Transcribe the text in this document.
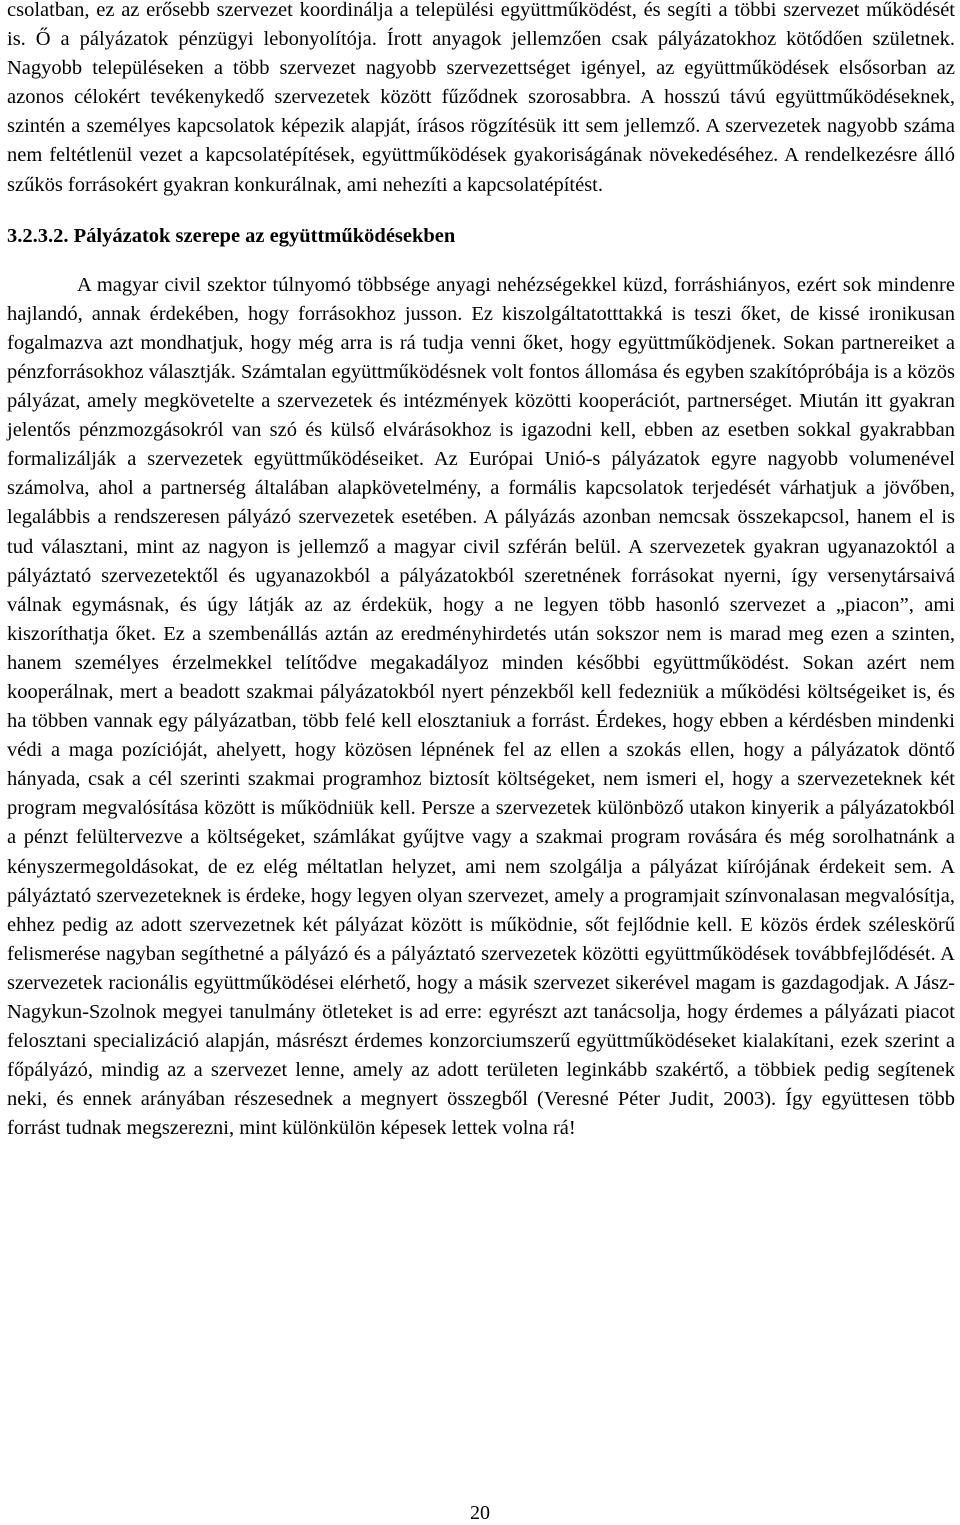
csolatban, ez az erősebb szervezet koordinálja a települési együttműködést, és segíti a többi szervezet működését is. Ő a pályázatok pénzügyi lebonyolítója. Írott anyagok jellemzően csak pályázatokhoz kötődően születnek. Nagyobb településeken a több szervezet nagyobb szervezettséget igényel, az együttműködések elsősorban az azonos célokért tevékenykedő szervezetek között fűződnek szorosabbra. A hosszú távú együttműködéseknek, szintén a személyes kapcsolatok képezik alapját, írásos rögzítésük itt sem jellemző. A szervezetek nagyobb száma nem feltétlenül vezet a kapcsolatépítések, együttműködések gyakoriságának növekedéséhez. A rendelkezésre álló szűkös forrásokért gyakran konkurálnak, ami nehezíti a kapcsolatépítést.

3.2.3.2. Pályázatok szerepe az együttműködésekben

A magyar civil szektor túlnyomó többsége anyagi nehézségekkel küzd, forráshiányos, ezért sok mindenre hajlandó, annak érdekében, hogy forrásokhoz jusson. Ez kiszolgáltatotttakká is teszi őket, de kissé ironikusan fogalmazva azt mondhatjuk, hogy még arra is rá tudja venni őket, hogy együttműködjenek. Sokan partnereiket a pénzforrásokhoz választják. Számtalan együttműködésnek volt fontos állomása és egyben szakítópróbája is a közös pályázat, amely megkövetelte a szervezetek és intézmények közötti kooperációt, partnerséget. Miután itt gyakran jelentős pénzmozgásokról van szó és külső elvárásokhoz is igazodni kell, ebben az esetben sokkal gyakrabban formalizálják a szervezetek együttműködéseiket. Az Európai Unió-s pályázatok egyre nagyobb volumenével számolva, ahol a partnerség általában alapkövetelmény, a formális kapcsolatok terjedését várhatjuk a jövőben, legalábbis a rendszeresen pályázó szervezetek esetében. A pályázás azonban nemcsak összekapcsol, hanem el is tud választani, mint az nagyon is jellemző a magyar civil szférán belül. A szervezetek gyakran ugyanazoktól a pályáztató szervezetektől és ugyanazokból a pályázatokból szeretnének forrásokat nyerni, így versenytársaivá válnak egymásnak, és úgy látják az az érdekük, hogy a ne legyen több hasonló szervezet a „piacon”, ami kiszoríthatja őket. Ez a szembenállás aztán az eredményhirdetés után sokszor nem is marad meg ezen a szinten, hanem személyes érzelmekkel telítődve megakadályoz minden későbbi együttműködést. Sokan azért nem kooperálnak, mert a beadott szakmai pályázatokból nyert pénzekből kell fedezniük a működési költségeiket is, és ha többen vannak egy pályázatban, több felé kell elosztaniuk a forrást. Érdekes, hogy ebben a kérdésben mindenki védi a maga pozícióját, ahelyett, hogy közösen lépnének fel az ellen a szokás ellen, hogy a pályázatok döntő hányada, csak a cél szerinti szakmai programhoz biztosít költségeket, nem ismeri el, hogy a szervezeteknek két program megvalósítása között is működniük kell. Persze a szervezetek különböző utakon kinyerik a pályázatokból a pénzt felültervezve a költségeket, számlákat gyűjtve vagy a szakmai program rovására és még sorolhatnánk a kényszermegoldásokat, de ez elég méltatlan helyzet, ami nem szolgálja a pályázat kiírójának érdekeit sem. A pályáztató szervezeteknek is érdeke, hogy legyen olyan szervezet, amely a programjait színvonalasan megvalósítja, ehhez pedig az adott szervezetnek két pályázat között is működnie, sőt fejlődnie kell. E közös érdek széleskörű felismerése nagyban segíthetné a pályázó és a pályáztató szervezetek közötti együttműködések továbbfejlődését. A szervezetek racionális együttműködései elérhető, hogy a másik szervezet sikerével magam is gazdagodjak. A Jász-Nagykun-Szolnok megyei tanulmány ötleteket is ad erre: egyrészt azt tanácsolja, hogy érdemes a pályázati piacot felosztani specializáció alapján, másrészt érdemes konzorciumszerű együttműködéseket kialakítani, ezek szerint a főpályázó, mindig az a szervezet lenne, amely az adott területen leginkább szakértő, a többiek pedig segítenek neki, és ennek arányában részesednek a megnyert összegből (Veresné Péter Judit, 2003). Így együttesen több forrást tudnak megszerezni, mint különkülön képesek lettek volna rá!

20
